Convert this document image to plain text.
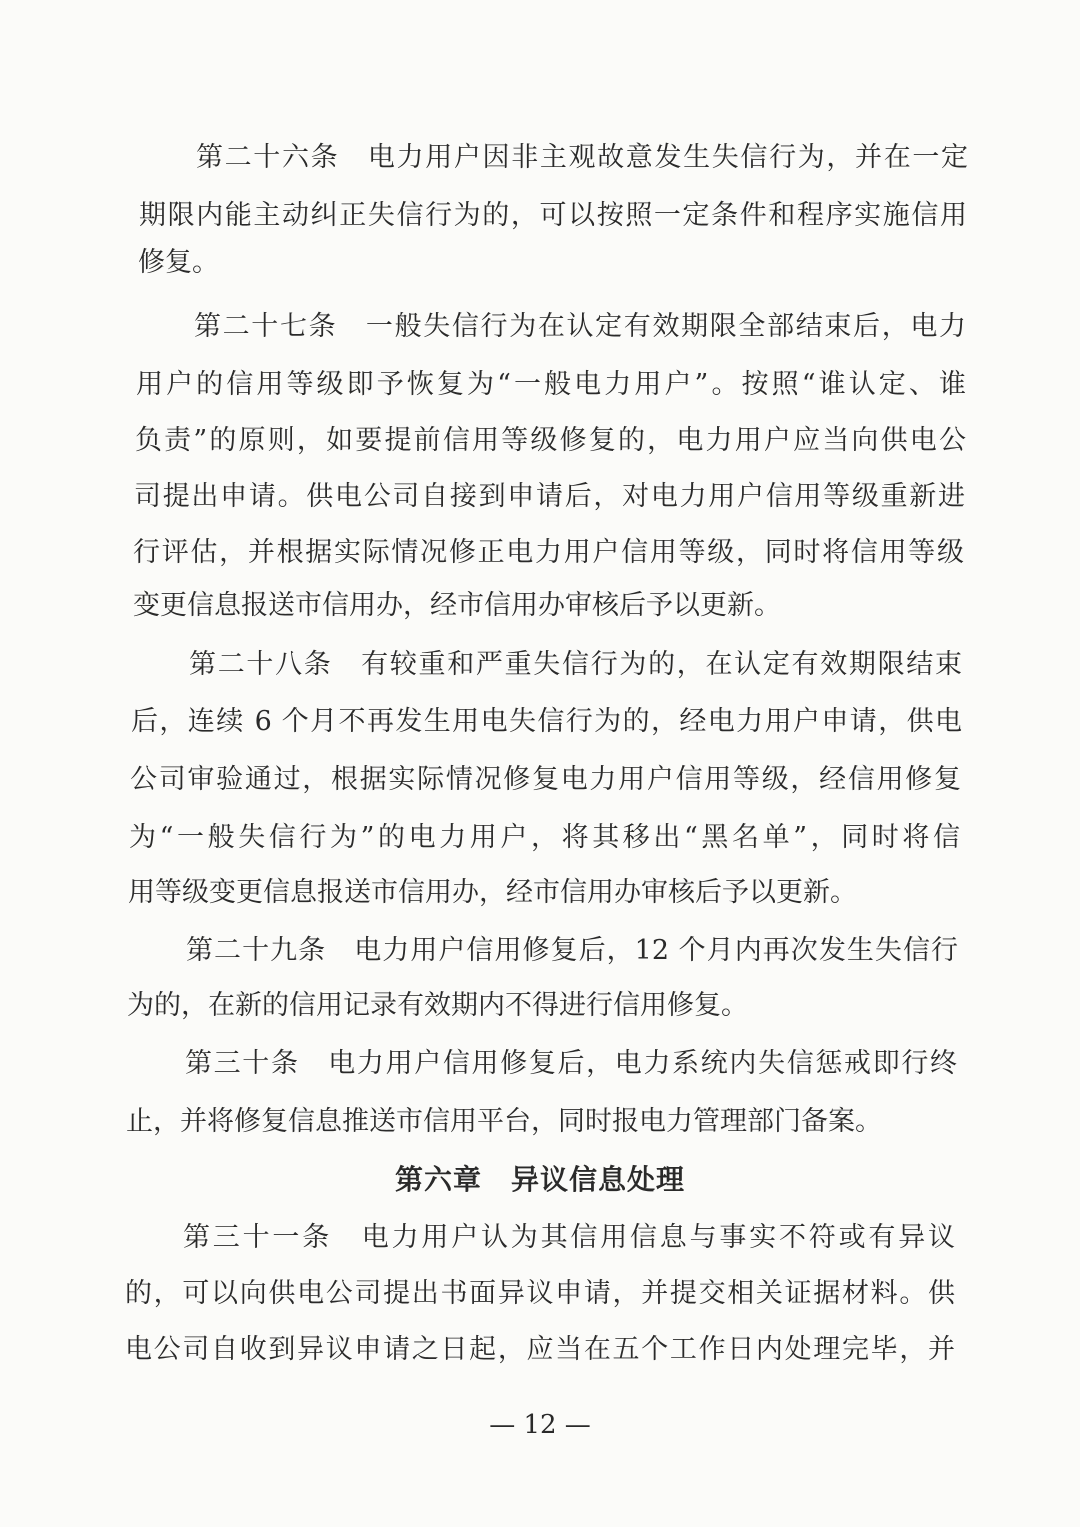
第二十六条　电力用户因非主观故意发生失信行为，并在一定
期限内能主动纠正失信行为的，可以按照一定条件和程序实施信用
修复。
第二十七条　一般失信行为在认定有效期限全部结束后，电力
用户的信用等级即予恢复为“一般电力用户”。按照“谁认定、谁
负责”的原则，如要提前信用等级修复的，电力用户应当向供电公
司提出申请。供电公司自接到申请后，对电力用户信用等级重新进
行评估，并根据实际情况修正电力用户信用等级，同时将信用等级
变更信息报送市信用办，经市信用办审核后予以更新。
第二十八条　有较重和严重失信行为的，在认定有效期限结束
后，连续 6 个月不再发生用电失信行为的，经电力用户申请，供电
公司审验通过，根据实际情况修复电力用户信用等级，经信用修复
为“一般失信行为”的电力用户，将其移出“黑名单”，同时将信
用等级变更信息报送市信用办，经市信用办审核后予以更新。
第二十九条　电力用户信用修复后，12 个月内再次发生失信行
为的，在新的信用记录有效期内不得进行信用修复。
第三十条　电力用户信用修复后，电力系统内失信惩戒即行终
止，并将修复信息推送市信用平台，同时报电力管理部门备案。
第六章　异议信息处理
第三十一条　电力用户认为其信用信息与事实不符或有异议
的，可以向供电公司提出书面异议申请，并提交相关证据材料。供
电公司自收到异议申请之日起，应当在五个工作日内处理完毕，并
— 12 —
